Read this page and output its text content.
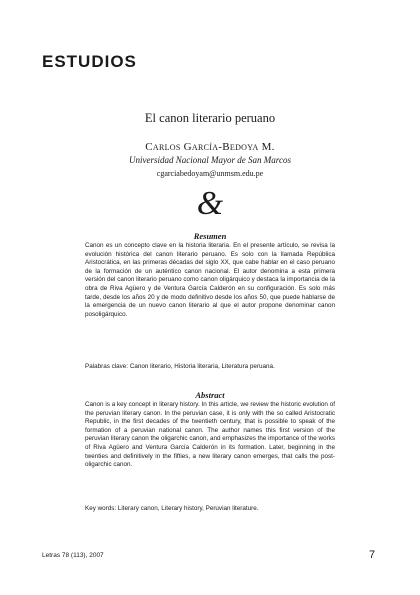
ESTUDIOS
El canon literario peruano
Carlos García-Bedoya M.
Universidad Nacional Mayor de San Marcos
cgarciabedoyam@unmsm.edu.pe
&
Resumen
Canon es un concepto clave en la historia literaria. En el presente artículo, se revisa la evolución histórica del canon literario peruano. Es solo con la llamada República Aristocrática, en las primeras décadas del siglo XX, que cabe hablar en el caso peruano de la formación de un auténtico canon nacional. El autor denomina a esta primera versión del canon literario peruano como canon oligárquico y destaca la importancia de la obra de Riva Agüero y de Ventura García Calderón en su configuración. Es solo más tarde, desde los años 20 y de modo definitivo desde los años 50, que puede hablarse de la emergencia de un nuevo canon literario al que el autor propone denominar canon posoligárquico.
Palabras clave: Canon literario, Historia literaria, Literatura peruana.
Abstract
Canon is a key concept in literary history. In this article, we review the historic evolution of the peruvian literary canon. In the peruvian case, it is only with the so called Aristocratic Republic, in the first decades of the twentieth century, that is possible to speak of the formation of a peruvian national canon. The author names this first version of the peruvian literary canon the oligarchic canon, and emphasizes the importance of the works of Riva Agüero and Ventura García Calderón in its formation. Later, beginning in the twenties and definitively in the fifties, a new literary canon emerges, that calls the post-oligarchic canon.
Key words: Literary canon, Literary history, Peruvian literature.
Letras 78 (113), 2007	7
